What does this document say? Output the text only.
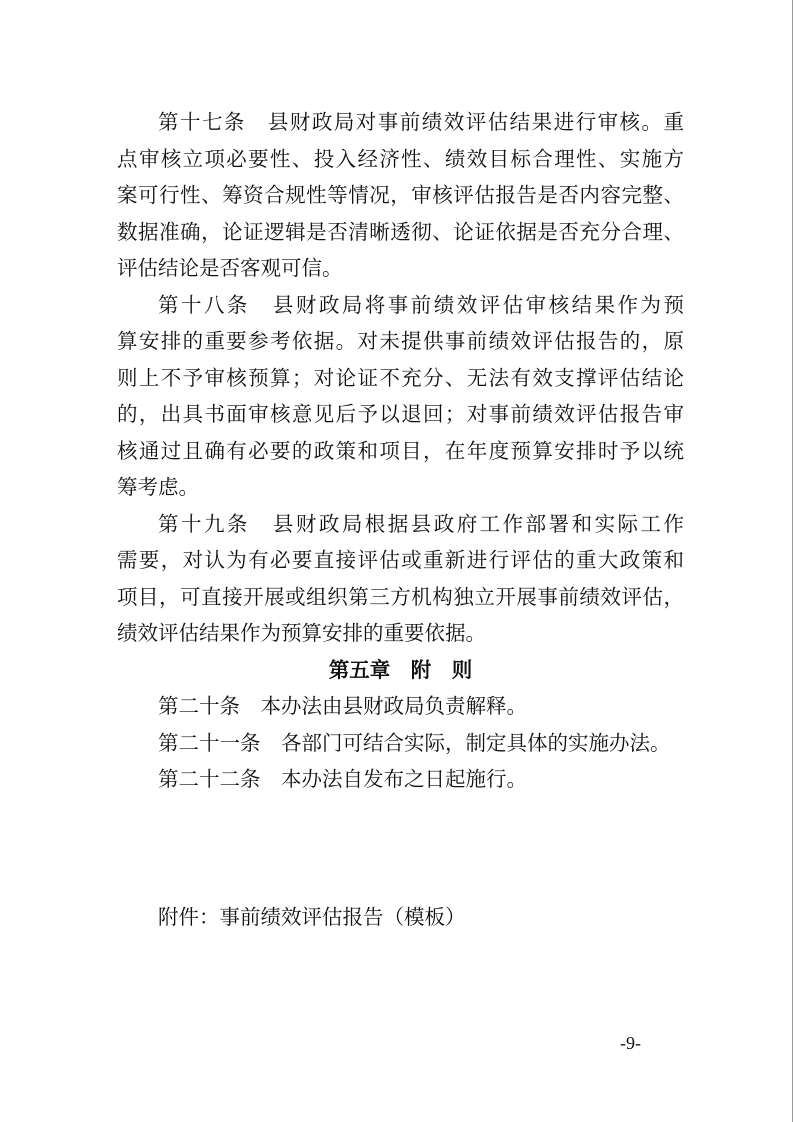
第十七条　县财政局对事前绩效评估结果进行审核。重
点审核立项必要性、投入经济性、绩效目标合理性、实施方
案可行性、筹资合规性等情况，审核评估报告是否内容完整、
数据准确，论证逻辑是否清晰透彻、论证依据是否充分合理、
评估结论是否客观可信。
第十八条　县财政局将事前绩效评估审核结果作为预
算安排的重要参考依据。对未提供事前绩效评估报告的，原
则上不予审核预算；对论证不充分、无法有效支撑评估结论
的，出具书面审核意见后予以退回；对事前绩效评估报告审
核通过且确有必要的政策和项目，在年度预算安排时予以统
筹考虑。
第十九条　县财政局根据县政府工作部署和实际工作
需要，对认为有必要直接评估或重新进行评估的重大政策和
项目，可直接开展或组织第三方机构独立开展事前绩效评估，
绩效评估结果作为预算安排的重要依据。
第五章　附　则
第二十条　本办法由县财政局负责解释。
第二十一条　各部门可结合实际，制定具体的实施办法。
第二十二条　本办法自发布之日起施行。
附件：事前绩效评估报告（模板）
-9-
